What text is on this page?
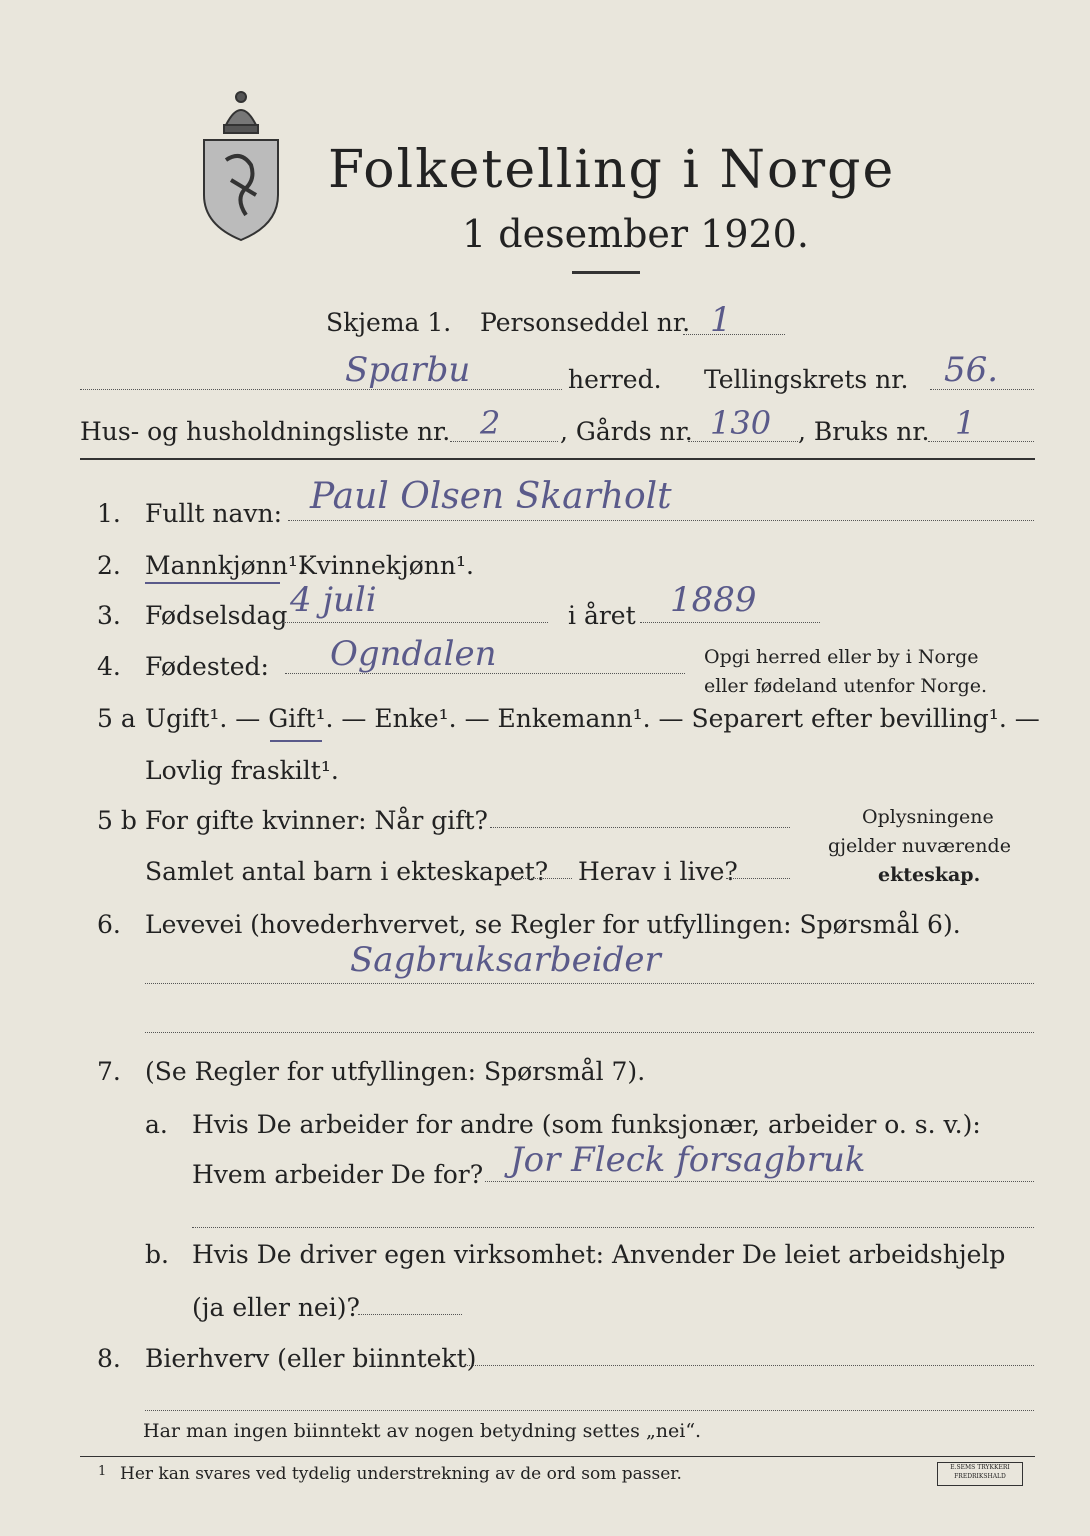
Folketelling i Norge
1 desember 1920.
Skjema 1. Personseddel nr. 1
Sparbu	herred. Tellingskrets nr. 56.
Hus- og husholdningsliste nr. 2 , Gårds nr. 130 , Bruks nr. 1
1. Fullt navn: Paul Olsen Skarholt
2. Mannkjønn¹.
Kvinnekjønn¹.
3. Fødselsdag 4 juli	i året 1889
4. Fødested: Ogndalen	Opgi herred eller by i Norge
eller fødeland utenfor Norge.
5 a Ugift¹. — Gift¹. — Enke¹. — Enkemann¹. — Separert efter bevilling¹. —
Lovlig fraskilt¹.
5 b For gifte kvinner: Når gift?
Samlet antal barn i ekteskapet? Herav i live?
Oplysningene
gjelder nuværende
ekteskap.
6. Levevei (hovederhvervet, se Regler for utfyllingen: Spørsmål 6).
Sagbruksarbeider
7. (Se Regler for utfyllingen: Spørsmål 7).
a. Hvis De arbeider for andre (som funksjonær, arbeider o. s. v.):
Hvem arbeider De for? Jor Fleck forsagbruk
b. Hvis De driver egen virksomhet: Anvender De leiet arbeidshjelp
(ja eller nei)?
8. Bierhverv (eller biinntekt)
Har man ingen biinntekt av nogen betydning settes „nei“.
1 Her kan svares ved tydelig understrekning av de ord som passer.	E.SEMS TRYKKERI
FREDRIKSHALD
